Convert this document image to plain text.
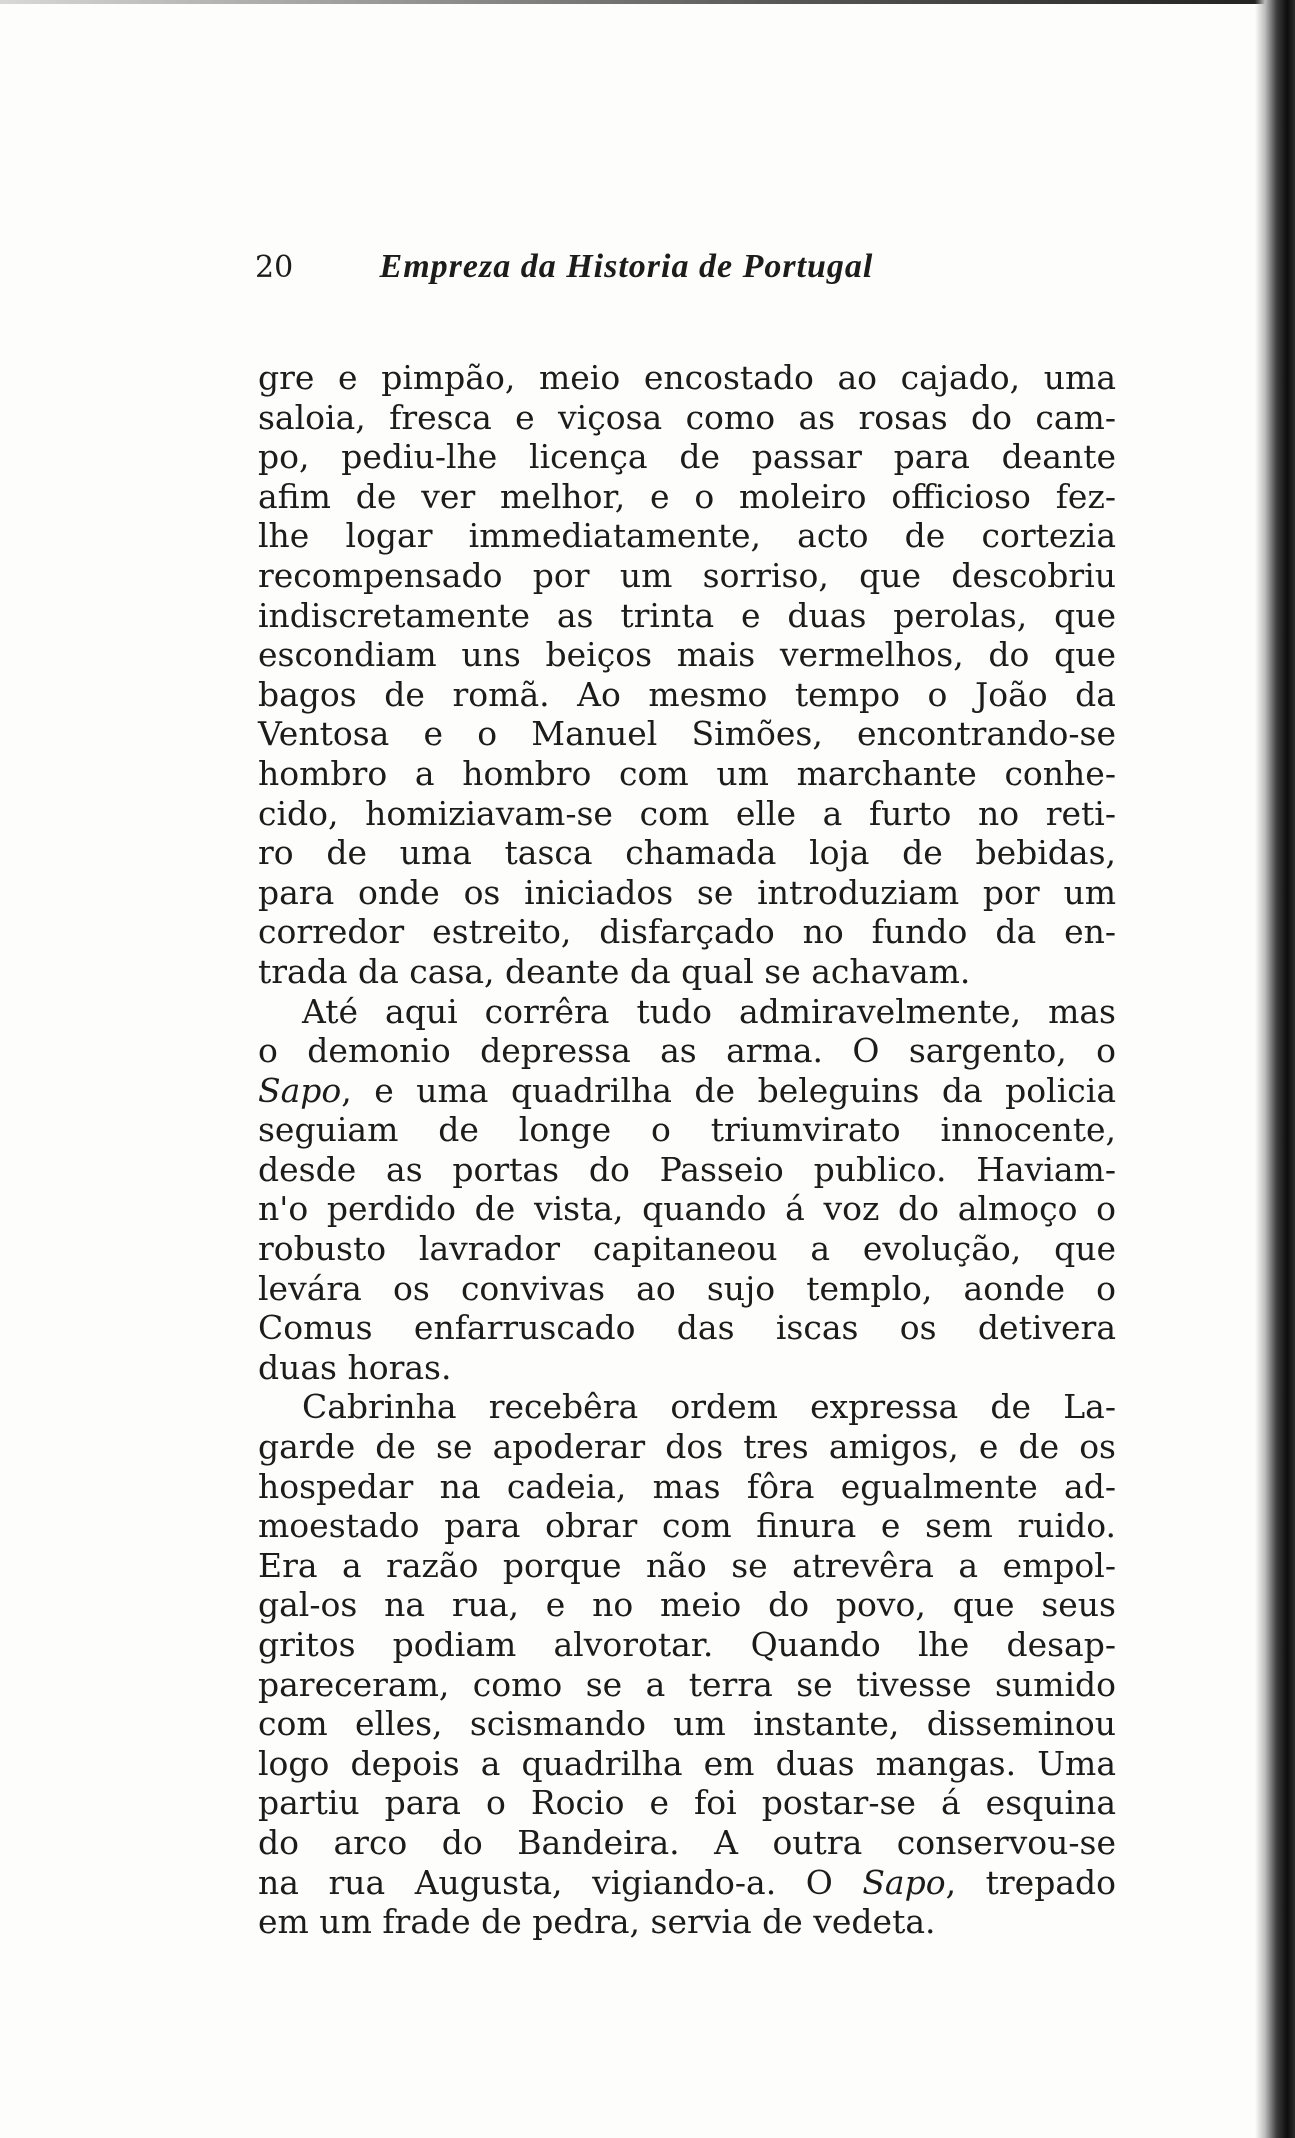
20	Empreza da Historia de Portugal
gre e pimpão, meio encostado ao cajado, uma
saloia, fresca e viçosa como as rosas do cam-
po, pediu-lhe licença de passar para deante
afim de ver melhor, e o moleiro officioso fez-
lhe logar immediatamente, acto de cortezia
recompensado por um sorriso, que descobriu
indiscretamente as trinta e duas perolas, que
escondiam uns beiços mais vermelhos, do que
bagos de romã. Ao mesmo tempo o João da
Ventosa e o Manuel Simões, encontrando-se
hombro a hombro com um marchante conhe-
cido, homiziavam-se com elle a furto no reti-
ro de uma tasca chamada loja de bebidas,
para onde os iniciados se introduziam por um
corredor estreito, disfarçado no fundo da en-
trada da casa, deante da qual se achavam.
Até aqui corrêra tudo admiravelmente, mas
o demonio depressa as arma. O sargento, o
Sapo, e uma quadrilha de beleguins da policia
seguiam de longe o triumvirato innocente,
desde as portas do Passeio publico. Haviam-
n'o perdido de vista, quando á voz do almoço o
robusto lavrador capitaneou a evolução, que
levára os convivas ao sujo templo, aonde o
Comus enfarruscado das iscas os detivera
duas horas.
Cabrinha recebêra ordem expressa de La-
garde de se apoderar dos tres amigos, e de os
hospedar na cadeia, mas fôra egualmente ad-
moestado para obrar com finura e sem ruido.
Era a razão porque não se atrevêra a empol-
gal-os na rua, e no meio do povo, que seus
gritos podiam alvorotar. Quando lhe desap-
pareceram, como se a terra se tivesse sumido
com elles, scismando um instante, disseminou
logo depois a quadrilha em duas mangas. Uma
partiu para o Rocio e foi postar-se á esquina
do arco do Bandeira. A outra conservou-se
na rua Augusta, vigiando-a. O Sapo, trepado
em um frade de pedra, servia de vedeta.
